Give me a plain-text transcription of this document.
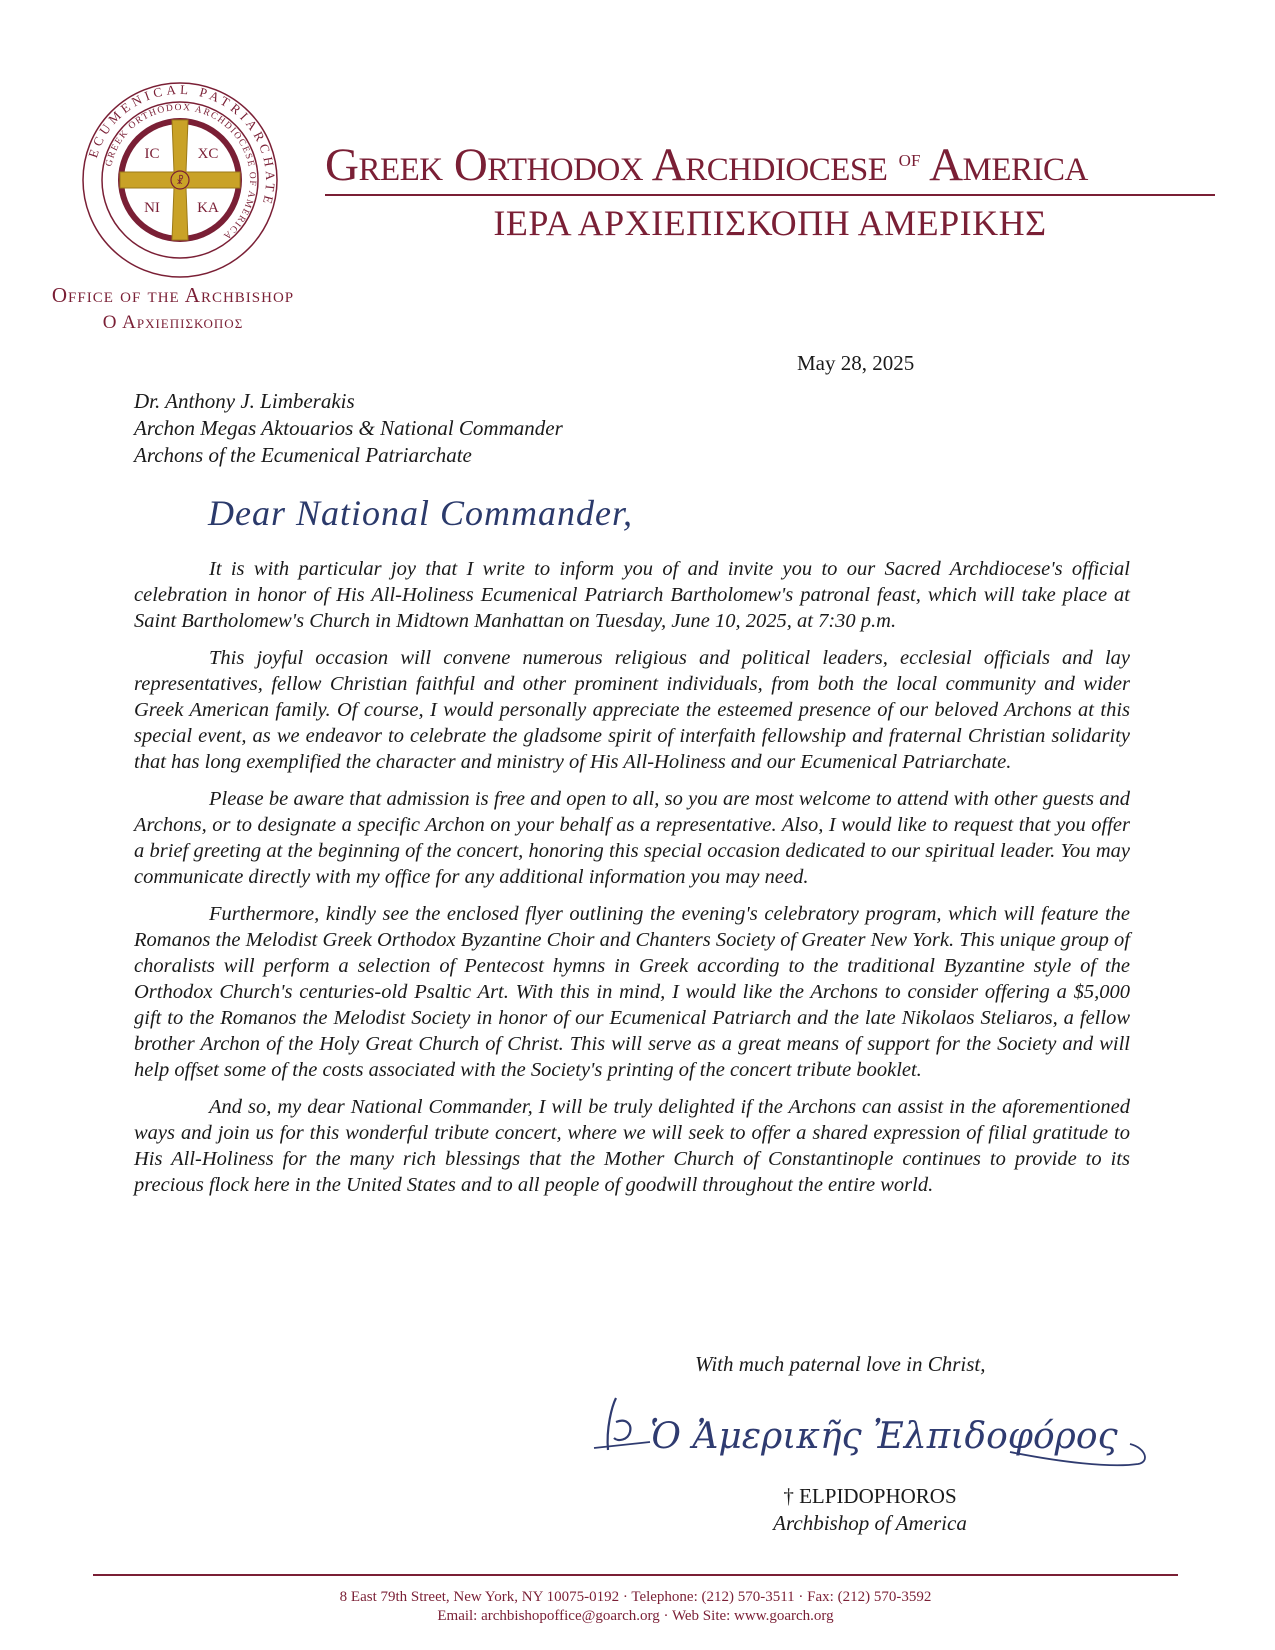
ECUMENICAL PATRIARCHATE
GREEK ORTHODOX ARCHDIOCESE OF AMERICA
☧
IC	XC
NI KA
Office of the Archbishop
Ο Αρχιεπισκοπος
Greek Orthodox Archdiocese $^{of}$ America
ΙΕΡΑ ΑΡΧΙΕΠΙΣΚΟΠΗ ΑΜΕΡΙΚΗΣ
May 28, 2025
Dr. Anthony J. Limberakis
Archon Megas Aktouarios & National Commander
Archons of the Ecumenical Patriarchate
Dear National Commander,

It is with particular joy that I write to inform you of and invite you to our Sacred Archdiocese's official celebration in honor of His All-Holiness Ecumenical Patriarch Bartholomew's patronal feast, which will take place at Saint Bartholomew's Church in Midtown Manhattan on Tuesday, June 10, 2025, at 7:30 p.m.

This joyful occasion will convene numerous religious and political leaders, ecclesial officials and lay representatives, fellow Christian faithful and other prominent individuals, from both the local community and wider Greek American family. Of course, I would personally appreciate the esteemed presence of our beloved Archons at this special event, as we endeavor to celebrate the gladsome spirit of interfaith fellowship and fraternal Christian solidarity that has long exemplified the character and ministry of His All-Holiness and our Ecumenical Patriarchate.

Please be aware that admission is free and open to all, so you are most welcome to attend with other guests and Archons, or to designate a specific Archon on your behalf as a representative. Also, I would like to request that you offer a brief greeting at the beginning of the concert, honoring this special occasion dedicated to our spiritual leader. You may communicate directly with my office for any additional information you may need.

Furthermore, kindly see the enclosed flyer outlining the evening's celebratory program, which will feature the Romanos the Melodist Greek Orthodox Byzantine Choir and Chanters Society of Greater New York. This unique group of choralists will perform a selection of Pentecost hymns in Greek according to the traditional Byzantine style of the Orthodox Church's centuries-old Psaltic Art. With this in mind, I would like the Archons to consider offering a $5,000 gift to the Romanos the Melodist Society in honor of our Ecumenical Patriarch and the late Nikolaos Steliaros, a fellow brother Archon of the Holy Great Church of Christ. This will serve as a great means of support for the Society and will help offset some of the costs associated with the Society's printing of the concert tribute booklet.

And so, my dear National Commander, I will be truly delighted if the Archons can assist in the aforementioned ways and join us for this wonderful tribute concert, where we will seek to offer a shared expression of filial gratitude to His All-Holiness for the many rich blessings that the Mother Church of Constantinople continues to provide to its precious flock here in the United States and to all people of goodwill throughout the entire world.

With much paternal love in Christ,
Ὁ Ἀμερικῆς Ἐλπιδοφόρος
† ELPIDOPHOROS
Archbishop of America
8 East 79th Street, New York, NY 10075-0192 · Telephone: (212) 570-3511 · Fax: (212) 570-3592
Email: archbishopoffice@goarch.org · Web Site: www.goarch.org
